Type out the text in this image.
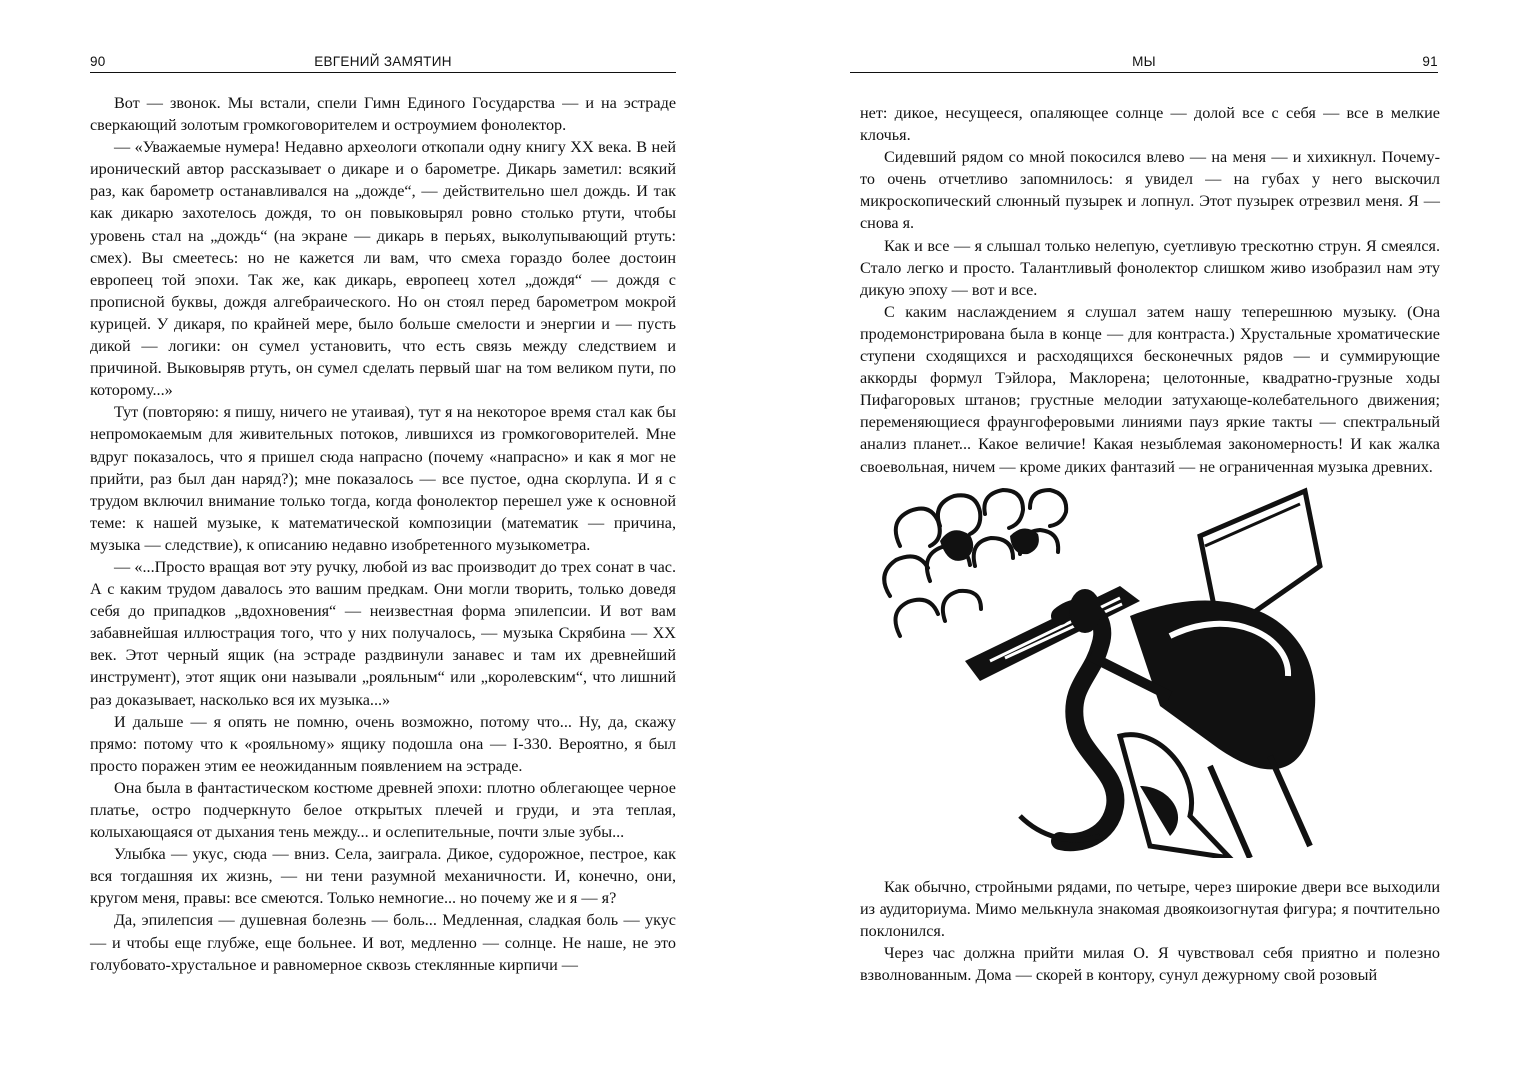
90	ЕВГЕНИЙ ЗАМЯТИН

Вот — звонок. Мы встали, спели Гимн Единого Государства — и на эстраде сверкающий золотым громкоговорителем и остроумием фонолектор.

— «Уважаемые нумера! Недавно археологи откопали одну книгу XX века. В ней иронический автор рассказывает о дикаре и о барометре. Дикарь заметил: всякий раз, как барометр останавливался на „дожде“, — действительно шел дождь. И так как дикарю захотелось дождя, то он повыковырял ровно столько ртути, чтобы уровень стал на „дождь“ (на экране — дикарь в перьях, выколупывающий ртуть: смех). Вы смеетесь: но не кажется ли вам, что смеха гораздо более достоин европеец той эпохи. Так же, как дикарь, европеец хотел „дождя“ — дождя с прописной буквы, дождя алгебраического. Но он стоял перед барометром мокрой курицей. У дикаря, по крайней мере, было больше смелости и энергии и — пусть дикой — логики: он сумел установить, что есть связь между следствием и причиной. Выковыряв ртуть, он сумел сделать первый шаг на том великом пути, по которому...»

Тут (повторяю: я пишу, ничего не утаивая), тут я на некоторое время стал как бы непромокаемым для живительных потоков, лившихся из громкоговорителей. Мне вдруг показалось, что я пришел сюда напрасно (почему «напрасно» и как я мог не прийти, раз был дан наряд?); мне показалось — все пустое, одна скорлупа. И я с трудом включил внимание только тогда, когда фонолектор перешел уже к основной теме: к нашей музыке, к математической композиции (математик — причина, музыка — следствие), к описанию недавно изобретенного музыкометра.

— «...Просто вращая вот эту ручку, любой из вас производит до трех сонат в час. А с каким трудом давалось это вашим предкам. Они могли творить, только доведя себя до припадков „вдохновения“ — неизвестная форма эпилепсии. И вот вам забавнейшая иллюстрация того, что у них получалось, — музыка Скрябина — XX век. Этот черный ящик (на эстраде раздвинули занавес и там их древнейший инструмент), этот ящик они называли „рояльным“ или „королевским“, что лишний раз доказывает, насколько вся их музыка...»

И дальше — я опять не помню, очень возможно, потому что... Ну, да, скажу прямо: потому что к «рояльному» ящику подошла она — I-330. Вероятно, я был просто поражен этим ее неожиданным появлением на эстраде.

Она была в фантастическом костюме древней эпохи: плотно облегающее черное платье, остро подчеркнуто белое открытых плечей и груди, и эта теплая, колыхающаяся от дыхания тень между... и ослепительные, почти злые зубы...

Улыбка — укус, сюда — вниз. Села, заиграла. Дикое, судорожное, пестрое, как вся тогдашняя их жизнь, — ни тени разумной механичности. И, конечно, они, кругом меня, правы: все смеются. Только немногие... но почему же и я — я?

Да, эпилепсия — душевная болезнь — боль... Медленная, сладкая боль — укус — и чтобы еще глубже, еще больнее. И вот, медленно — солнце. Не наше, не это голубовато-хрустальное и равномерное сквозь стеклянные кирпичи —

МЫ	91

нет: дикое, несущееся, опаляющее солнце — долой все с себя — все в мелкие клочья.

Сидевший рядом со мной покосился влево — на меня — и хихикнул. Почему-то очень отчетливо запомнилось: я увидел — на губах у него выскочил микроскопический слюнный пузырек и лопнул. Этот пузырек отрезвил меня. Я — снова я.

Как и все — я слышал только нелепую, суетливую трескотню струн. Я смеялся. Стало легко и просто. Талантливый фонолектор слишком живо изобразил нам эту дикую эпоху — вот и все.

С каким наслаждением я слушал затем нашу теперешнюю музыку. (Она продемонстрирована была в конце — для контраста.) Хрустальные хроматические ступени сходящихся и расходящихся бесконечных рядов — и суммирующие аккорды формул Тэйлора, Маклорена; целотонные, квадратно-грузные ходы Пифагоровых штанов; грустные мелодии затухающе-колебательного движения; переменяющиеся фраунгоферовыми линиями пауз яркие такты — спектральный анализ планет... Какое величие! Какая незыблемая закономерность! И как жалка своевольная, ничем — кроме диких фантазий — не ограниченная музыка древних.

Как обычно, стройными рядами, по четыре, через широкие двери все выходили из аудиториума. Мимо мелькнула знакомая двоякоизогнутая фигура; я почтительно поклонился.

Через час должна прийти милая О. Я чувствовал себя приятно и полезно взволнованным. Дома — скорей в контору, сунул дежурному свой розовый
